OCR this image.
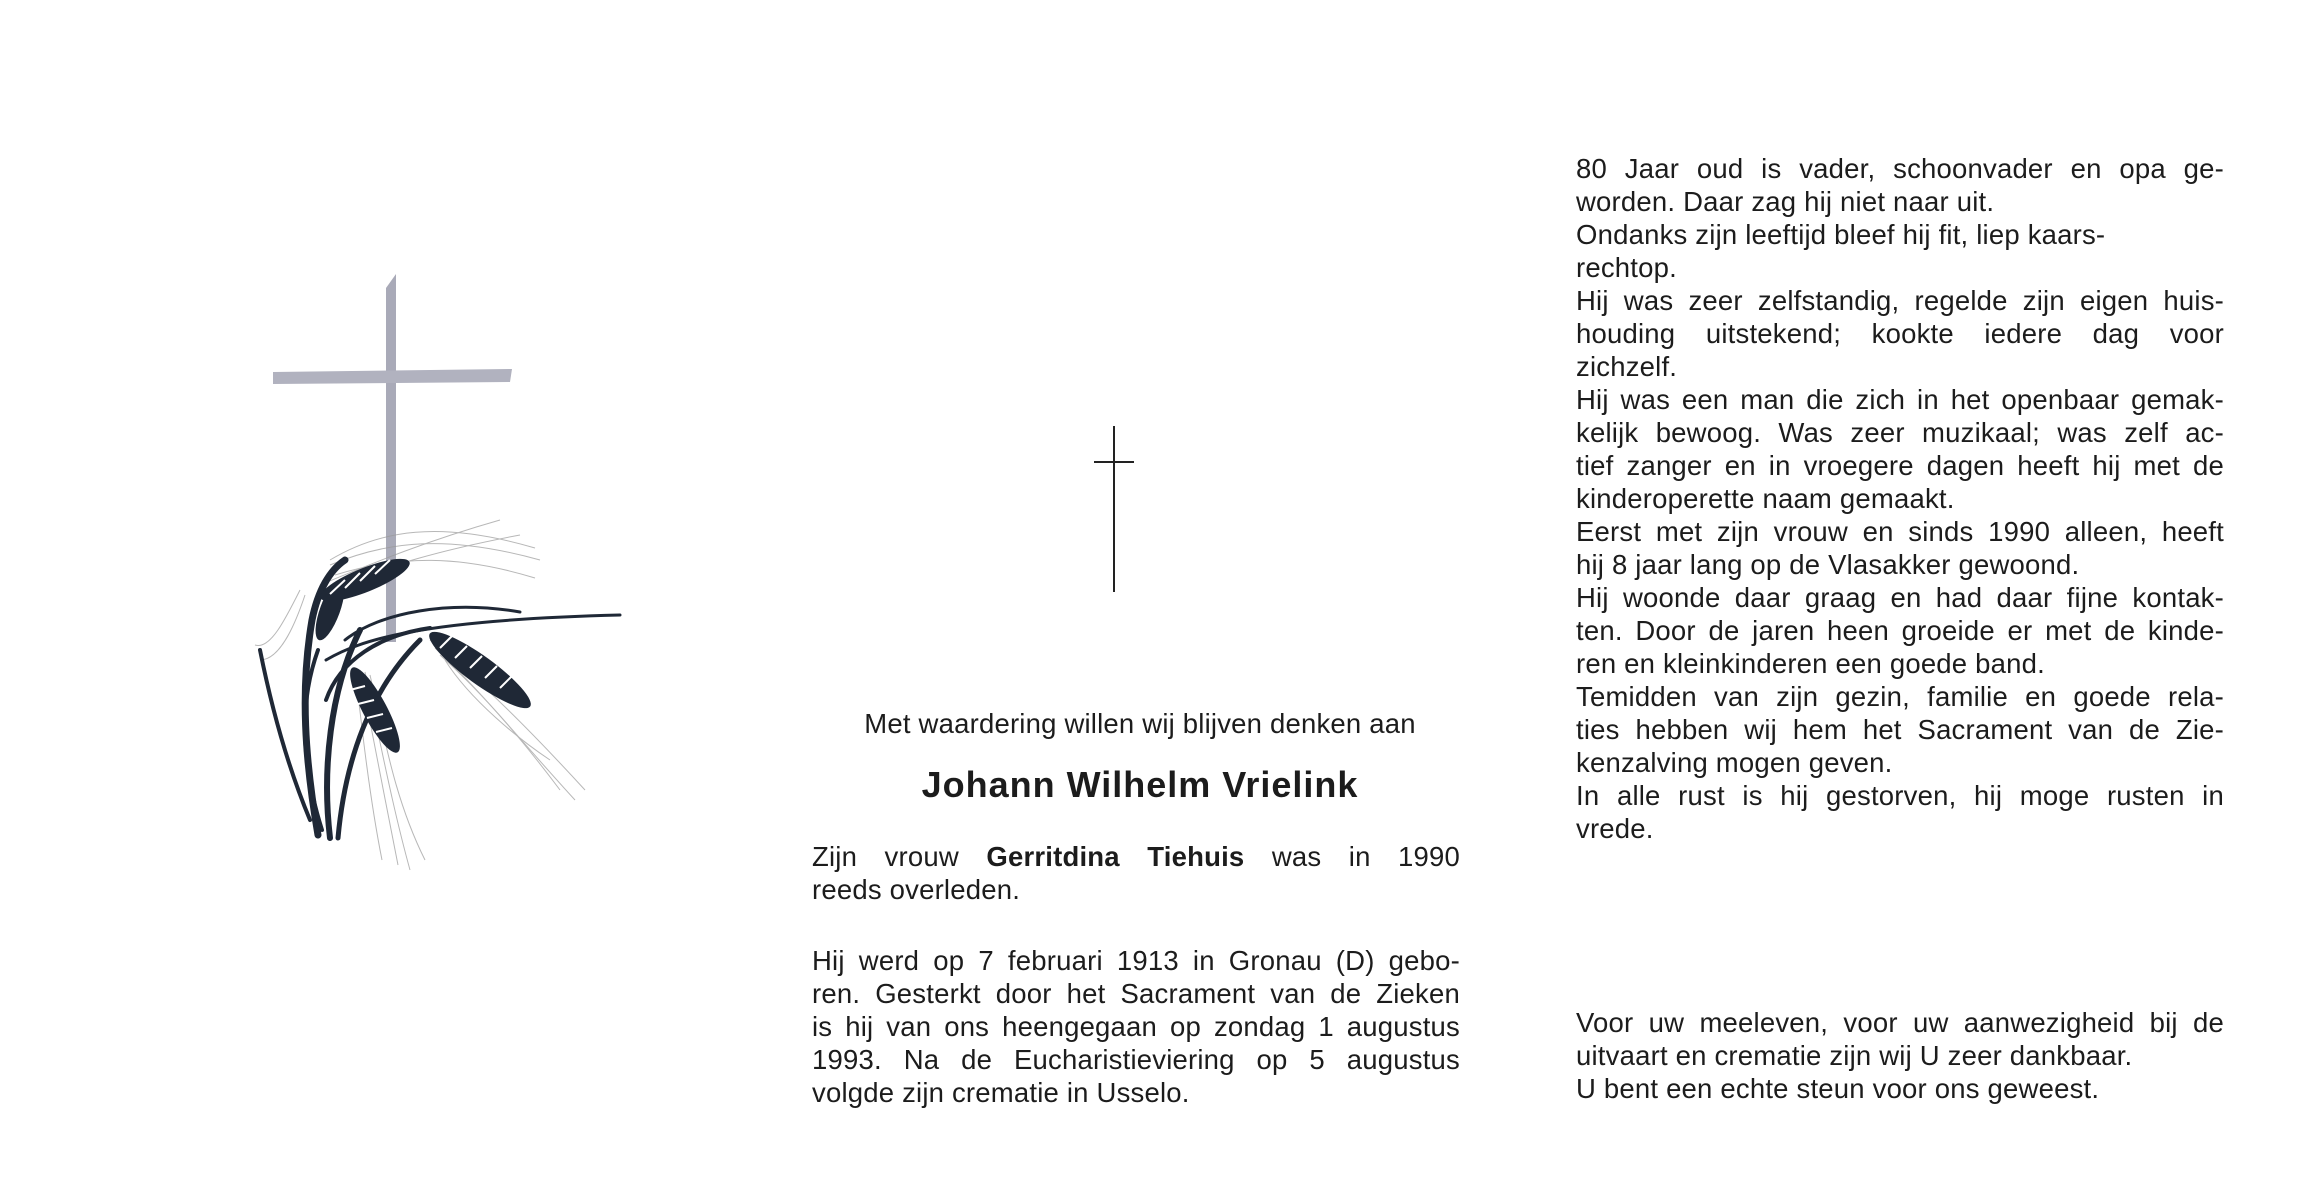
Met waardering willen wij blijven denken aan
Johann Wilhelm Vrielink
Zijn vrouw Gerritdina Tiehuis was in 1990
reeds overleden.
Hij werd op 7 februari 1913 in Gronau (D) gebo-
ren. Gesterkt door het Sacrament van de Zieken
is hij van ons heengegaan op zondag 1 augustus
1993. Na de Eucharistieviering op 5 augustus
volgde zijn crematie in Usselo.
80 Jaar oud is vader, schoonvader en opa ge-
worden. Daar zag hij niet naar uit.
Ondanks zijn leeftijd bleef hij fit, liep kaars-
rechtop.
Hij was zeer zelfstandig, regelde zijn eigen huis-
houding uitstekend; kookte iedere dag voor
zichzelf.
Hij was een man die zich in het openbaar gemak-
kelijk bewoog. Was zeer muzikaal; was zelf ac-
tief zanger en in vroegere dagen heeft hij met de
kinderoperette naam gemaakt.
Eerst met zijn vrouw en sinds 1990 alleen, heeft
hij 8 jaar lang op de Vlasakker gewoond.
Hij woonde daar graag en had daar fijne kontak-
ten. Door de jaren heen groeide er met de kinde-
ren en kleinkinderen een goede band.
Temidden van zijn gezin, familie en goede rela-
ties hebben wij hem het Sacrament van de Zie-
kenzalving mogen geven.
In alle rust is hij gestorven, hij moge rusten in
vrede.
Voor uw meeleven, voor uw aanwezigheid bij de
uitvaart en crematie zijn wij U zeer dankbaar.
U bent een echte steun voor ons geweest.
